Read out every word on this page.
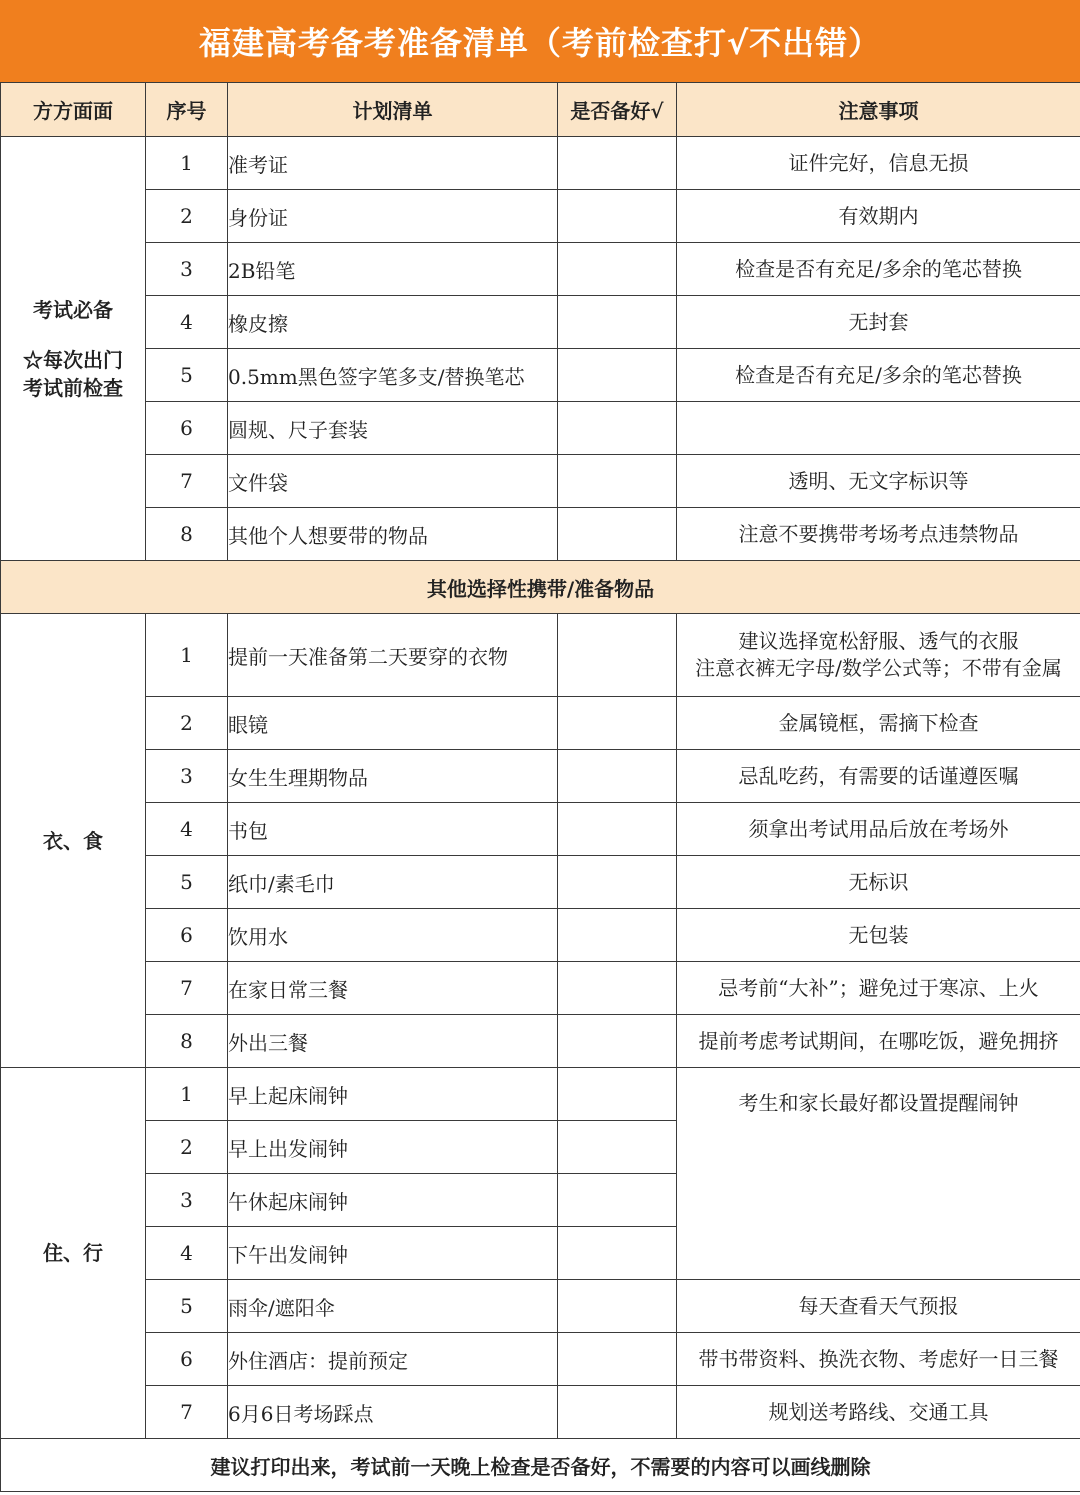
福建高考备考准备清单（考前检查打√不出错）
方方面面	序号	计划清单	是否备好√	注意事项

考试必备
☆每次出门
考试前检查	1	准考证		证件完好，信息无损
	2	身份证		有效期内
	3	2B铅笔		检查是否有充足/多余的笔芯替换
	4	橡皮擦		无封套
	5	0.5mm黑色签字笔多支/替换笔芯		检查是否有充足/多余的笔芯替换
	6	圆规、尺子套装		
	7	文件袋		透明、无文字标识等
	8	其他个人想要带的物品		注意不要携带考场考点违禁物品
其他选择性携带/准备物品				
衣、食	1	提前一天准备第二天要穿的衣物		建议选择宽松舒服、透气的衣服
注意衣裤无字母/数学公式等；不带有金属

	2	眼镜		金属镜框，需摘下检查
	3	女生生理期物品		忌乱吃药，有需要的话谨遵医嘱
	4	书包		须拿出考试用品后放在考场外
	5	纸巾/素毛巾		无标识
	6	饮用水		无包装
	7	在家日常三餐		忌考前“大补”；避免过于寒凉、上火
	8	外出三餐		提前考虑考试期间，在哪吃饭，避免拥挤
住、行	1	早上起床闹钟		考生和家长最好都设置提醒闹钟
	2	早上出发闹钟		
	3	午休起床闹钟		
	4	下午出发闹钟		
	5	雨伞/遮阳伞		每天查看天气预报
	6	外住酒店：提前预定		带书带资料、换洗衣物、考虑好一日三餐
	7	6月6日考场踩点		规划送考路线、交通工具
建议打印出来，考试前一天晚上检查是否备好，不需要的内容可以画线删除				
